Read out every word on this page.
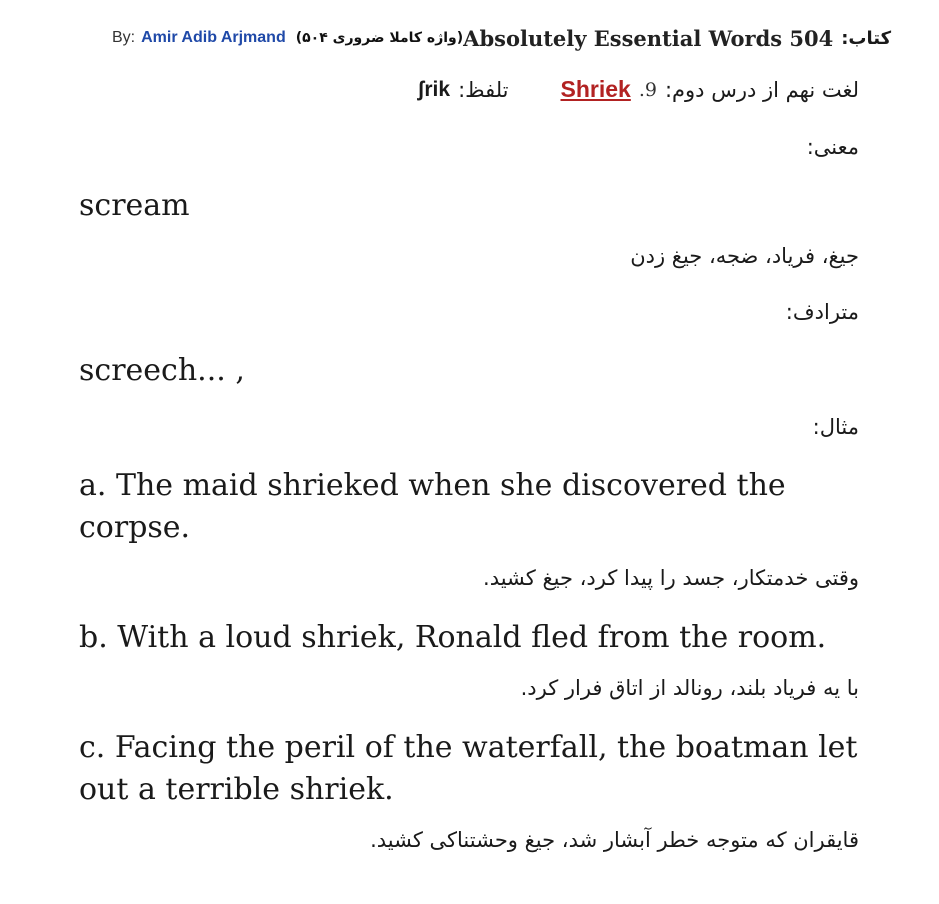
By: Amir Adib Arjmand (۵۰۴ واژه کاملا ضروری)	کتاب:
Absolutely Essential Words 504
لغت نهم از درس دوم:
9.
Shriek
تلفظ:
ʃrik
معنی:
scream
جیغ، فریاد، ضجه، جیغ زدن
مترادف:
screech... ,
مثال:
a. The maid shrieked when she discovered the corpse.
وقتی خدمتکار، جسد را پیدا کرد، جیغ کشید.
b. With a loud shriek, Ronald fled from the room.
با یه فریاد بلند، رونالد از اتاق فرار کرد.
c. Facing the peril of the waterfall, the boatman let out a terrible shriek.
قایقران که متوجه خطر آبشار شد، جیغ وحشتناکی کشید.
